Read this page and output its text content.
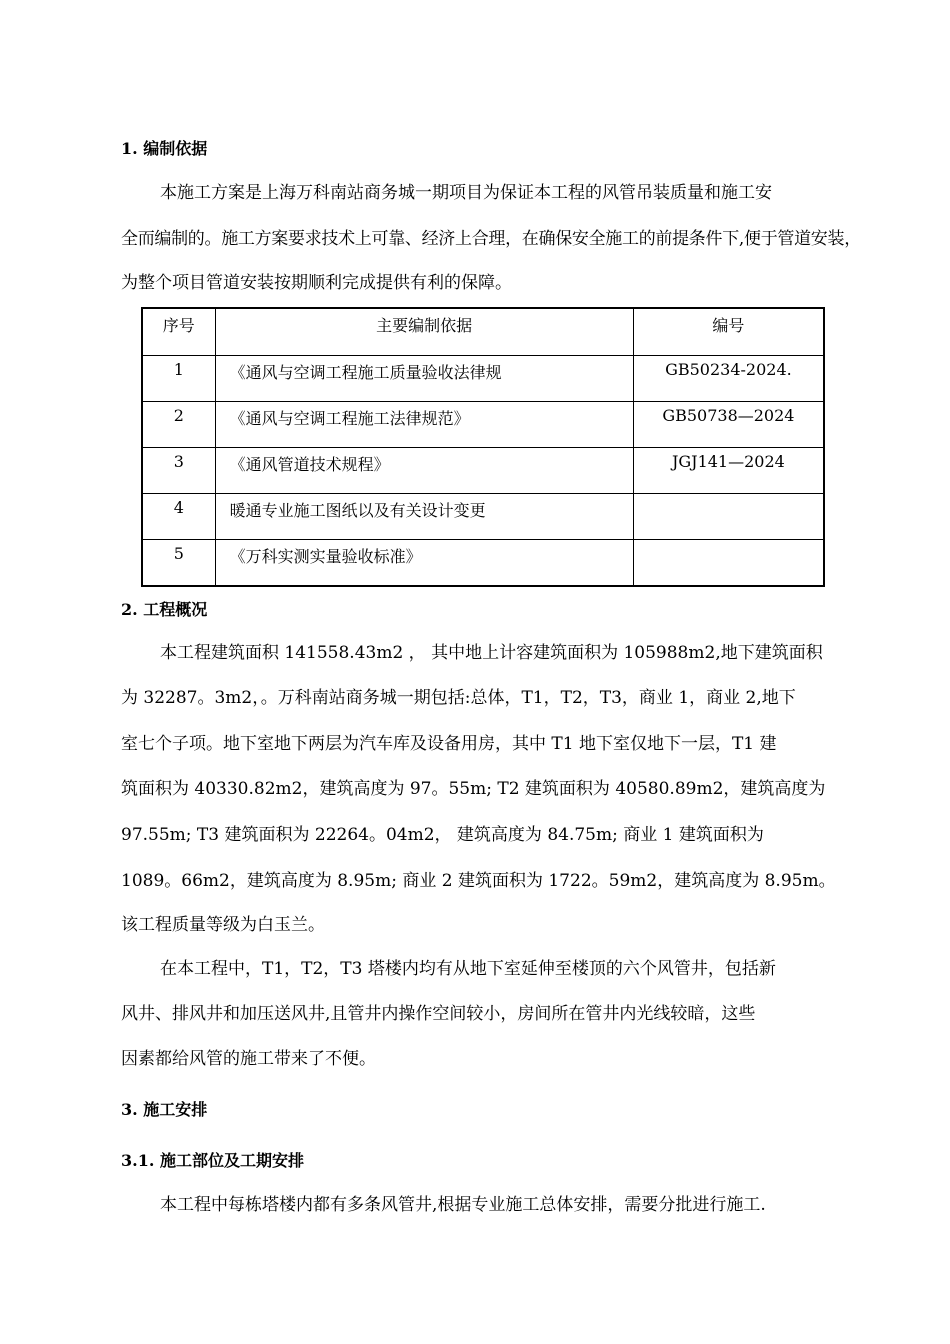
1. 编制依据
本施工方案是上海万科南站商务城一期项目为保证本工程的风管吊装质量和施工安
全而编制的。施工方案要求技术上可靠、经济上合理，在确保安全施工的前提条件下,便于管道安装，
为整个项目管道安装按期顺利完成提供有利的保障。
序号	主要编制依据	编号

1	《通风与空调工程施工质量验收法律规	GB50234-2024.

2	《通风与空调工程施工法律规范》	GB50738—2024

3	《通风管道技术规程》	JGJ141—2024

4	暖通专业施工图纸以及有关设计变更	

5	《万科实测实量验收标准》	

2. 工程概况
本工程建筑面积 141558.43m2 ， 其中地上计容建筑面积为 105988m2,地下建筑面积
为 32287。3m2，。万科南站商务城一期包括:总体，T1，T2，T3，商业 1，商业 2,地下
室七个子项。地下室地下两层为汽车库及设备用房，其中 T1 地下室仅地下一层，T1 建
筑面积为 40330.82m2，建筑高度为 97。55m; T2 建筑面积为 40580.89m2，建筑高度为
97.55m; T3 建筑面积为 22264。04m2， 建筑高度为 84.75m; 商业 1 建筑面积为
1089。66m2，建筑高度为 8.95m; 商业 2 建筑面积为 1722。59m2，建筑高度为 8.95m。
该工程质量等级为白玉兰。
在本工程中，T1，T2，T3 塔楼内均有从地下室延伸至楼顶的六个风管井，包括新
风井、排风井和加压送风井,且管井内操作空间较小，房间所在管井内光线较暗，这些
因素都给风管的施工带来了不便。
3. 施工安排
3.1. 施工部位及工期安排
本工程中每栋塔楼内都有多条风管井,根据专业施工总体安排，需要分批进行施工.
